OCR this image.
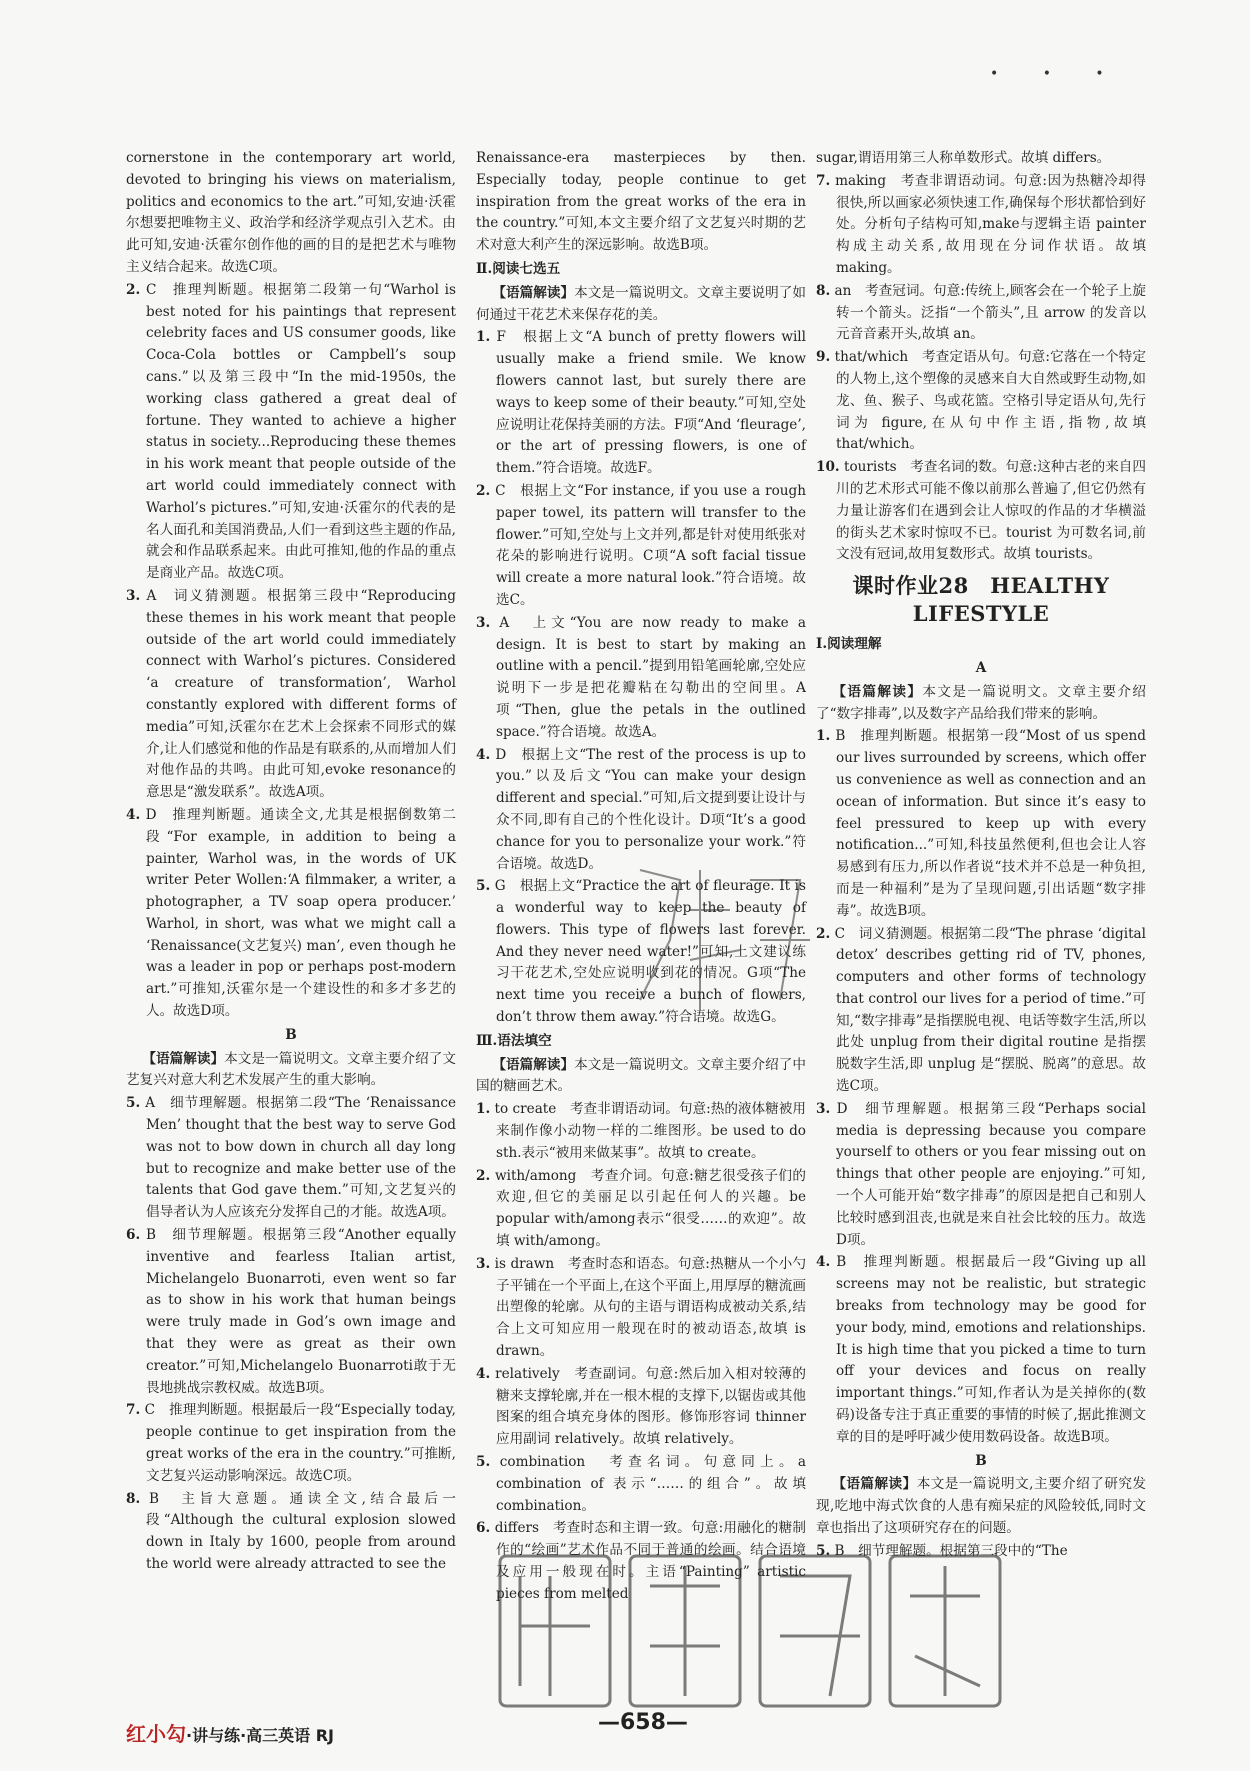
• • •
cornerstone in the contemporary art world, devoted to bringing his views on materialism, politics and economics to the art.”可知,安迪·沃霍尔想要把唯物主义、政治学和经济学观点引入艺术。由此可知,安迪·沃霍尔创作他的画的目的是把艺术与唯物主义结合起来。故选C项。
2. C　推理判断题。根据第二段第一句“Warhol is best noted for his paintings that represent celebrity faces and US consumer goods, like Coca-Cola bottles or Campbell’s soup cans.”以及第三段中“In the mid-1950s, the working class gathered a great deal of fortune. They wanted to achieve a higher status in society...Reproducing these themes in his work meant that people outside of the art world could immediately connect with Warhol’s pictures.”可知,安迪·沃霍尔的代表的是名人面孔和美国消费品,人们一看到这些主题的作品,就会和作品联系起来。由此可推知,他的作品的重点是商业产品。故选C项。
3. A　词义猜测题。根据第三段中“Reproducing these themes in his work meant that people outside of the art world could immediately connect with Warhol’s pictures. Considered ‘a creature of transformation’, Warhol constantly explored with different forms of media”可知,沃霍尔在艺术上会探索不同形式的媒介,让人们感觉和他的作品是有联系的,从而增加人们对他作品的共鸣。由此可知,evoke resonance的意思是“激发联系”。故选A项。
4. D　推理判断题。通读全文,尤其是根据倒数第二段“For example, in addition to being a painter, Warhol was, in the words of UK writer Peter Wollen:‘A filmmaker, a writer, a photographer, a TV soap opera producer.’ Warhol, in short, was what we might call a ‘Renaissance(文艺复兴) man’, even though he was a leader in pop or perhaps post-modern art.”可推知,沃霍尔是一个建设性的和多才多艺的人。故选D项。
B
【语篇解读】本文是一篇说明文。文章主要介绍了文艺复兴对意大利艺术发展产生的重大影响。
5. A　细节理解题。根据第二段“The ‘Renaissance Men’ thought that the best way to serve God was not to bow down in church all day long but to recognize and make better use of the talents that God gave them.”可知,文艺复兴的倡导者认为人应该充分发挥自己的才能。故选A项。
6. B　细节理解题。根据第三段“Another equally inventive and fearless Italian artist, Michelangelo Buonarroti, even went so far as to show in his work that human beings were truly made in God’s own image and that they were as great as their own creator.”可知,Michelangelo Buonarroti敢于无畏地挑战宗教权威。故选B项。
7. C　推理判断题。根据最后一段“Especially today, people continue to get inspiration from the great works of the era in the country.”可推断,文艺复兴运动影响深远。故选C项。
8. B　主旨大意题。通读全文,结合最后一段“Although the cultural explosion slowed down in Italy by 1600, people from around the world were already attracted to see the
Renaissance-era masterpieces by then. Especially today, people continue to get inspiration from the great works of the era in the country.”可知,本文主要介绍了文艺复兴时期的艺术对意大利产生的深远影响。故选B项。
Ⅱ.阅读七选五
【语篇解读】本文是一篇说明文。文章主要说明了如何通过干花艺术来保存花的美。
1. F　根据上文“A bunch of pretty flowers will usually make a friend smile. We know flowers cannot last, but surely there are ways to keep some of their beauty.”可知,空处应说明让花保持美丽的方法。F项“And ‘fleurage’, or the art of pressing flowers, is one of them.”符合语境。故选F。
2. C　根据上文“For instance, if you use a rough paper towel, its pattern will transfer to the flower.”可知,空处与上文并列,都是针对使用纸张对花朵的影响进行说明。C项“A soft facial tissue will create a more natural look.”符合语境。故选C。
3. A　上文“You are now ready to make a design. It is best to start by making an outline with a pencil.”提到用铅笔画轮廓,空处应说明下一步是把花瓣粘在勾勒出的空间里。A项“Then, glue the petals in the outlined space.”符合语境。故选A。
4. D　根据上文“The rest of the process is up to you.”以及后文“You can make your design different and special.”可知,后文提到要让设计与众不同,即有自己的个性化设计。D项“It’s a good chance for you to personalize your work.”符合语境。故选D。
5. G　根据上文“Practice the art of fleurage. It is a wonderful way to keep the beauty of flowers. This type of flowers last forever. And they never need water!”可知,上文建议练习干花艺术,空处应说明收到花的情况。G项“The next time you receive a bunch of flowers, don’t throw them away.”符合语境。故选G。
Ⅲ.语法填空
【语篇解读】本文是一篇说明文。文章主要介绍了中国的糖画艺术。
1. to create　考查非谓语动词。句意:热的液体糖被用来制作像小动物一样的二维图形。be used to do sth.表示“被用来做某事”。故填 to create。
2. with/among　考查介词。句意:糖艺很受孩子们的欢迎,但它的美丽足以引起任何人的兴趣。be popular with/among表示“很受……的欢迎”。故填 with/among。
3. is drawn　考查时态和语态。句意:热糖从一个小勺子平铺在一个平面上,在这个平面上,用厚厚的糖流画出塑像的轮廓。从句的主语与谓语构成被动关系,结合上文可知应用一般现在时的被动语态,故填 is drawn。
4. relatively　考查副词。句意:然后加入相对较薄的糖来支撑轮廓,并在一根木棍的支撑下,以锯齿或其他图案的组合填充身体的图形。修饰形容词 thinner 应用副词 relatively。故填 relatively。
5. combination　考查名词。句意同上。a combination of 表示“……的组合”。故填 combination。
6. differs　考查时态和主谓一致。句意:用融化的糖制作的“绘画”艺术作品不同于普通的绘画。结合语境及应用一般现在时。主语“Painting” artistic pieces from melted
sugar,谓语用第三人称单数形式。故填 differs。
7. making　考查非谓语动词。句意:因为热糖冷却得很快,所以画家必须快速工作,确保每个形状都恰到好处。分析句子结构可知,make与逻辑主语 painter 构成主动关系,故用现在分词作状语。故填 making。
8. an　考查冠词。句意:传统上,顾客会在一个轮子上旋转一个箭头。泛指“一个箭头”,且 arrow 的发音以元音音素开头,故填 an。
9. that/which　考查定语从句。句意:它落在一个特定的人物上,这个塑像的灵感来自大自然或野生动物,如龙、鱼、猴子、鸟或花篮。空格引导定语从句,先行词为 figure,在从句中作主语,指物,故填 that/which。
10. tourists　考查名词的数。句意:这种古老的来自四川的艺术形式可能不像以前那么普遍了,但它仍然有力量让游客们在遇到会让人惊叹的作品的才华横溢的街头艺术家时惊叹不已。tourist 为可数名词,前文没有冠词,故用复数形式。故填 tourists。
课时作业28　HEALTHY LIFESTYLE
Ⅰ.阅读理解
A
【语篇解读】本文是一篇说明文。文章主要介绍了“数字排毒”,以及数字产品给我们带来的影响。
1. B　推理判断题。根据第一段“Most of us spend our lives surrounded by screens, which offer us convenience as well as connection and an ocean of information. But since it’s easy to feel pressured to keep up with every notification...”可知,科技虽然便利,但也会让人容易感到有压力,所以作者说“技术并不总是一种负担,而是一种福利”是为了呈现问题,引出话题“数字排毒”。故选B项。
2. C　词义猜测题。根据第二段“The phrase ‘digital detox’ describes getting rid of TV, phones, computers and other forms of technology that control our lives for a period of time.”可知,“数字排毒”是指摆脱电视、电话等数字生活,所以此处 unplug from their digital routine 是指摆脱数字生活,即 unplug 是“摆脱、脱离”的意思。故选C项。
3. D　细节理解题。根据第三段“Perhaps social media is depressing because you compare yourself to others or you fear missing out on things that other people are enjoying.”可知,一个人可能开始“数字排毒”的原因是把自己和别人比较时感到沮丧,也就是来自社会比较的压力。故选D项。
4. B　推理判断题。根据最后一段“Giving up all screens may not be realistic, but strategic breaks from technology may be good for your body, mind, emotions and relationships. It is high time that you picked a time to turn off your devices and focus on really important things.”可知,作者认为是关掉你的(数码)设备专注于真正重要的事情的时候了,据此推测文章的目的是呼吁减少使用数码设备。故选B项。
B
【语篇解读】本文是一篇说明文,主要介绍了研究发现,吃地中海式饮食的人患有痴呆症的风险较低,同时文章也指出了这项研究存在的问题。
5. B　细节理解题。根据第三段中的“The
红小勾·讲与练·高三英语 RJ
—658—
